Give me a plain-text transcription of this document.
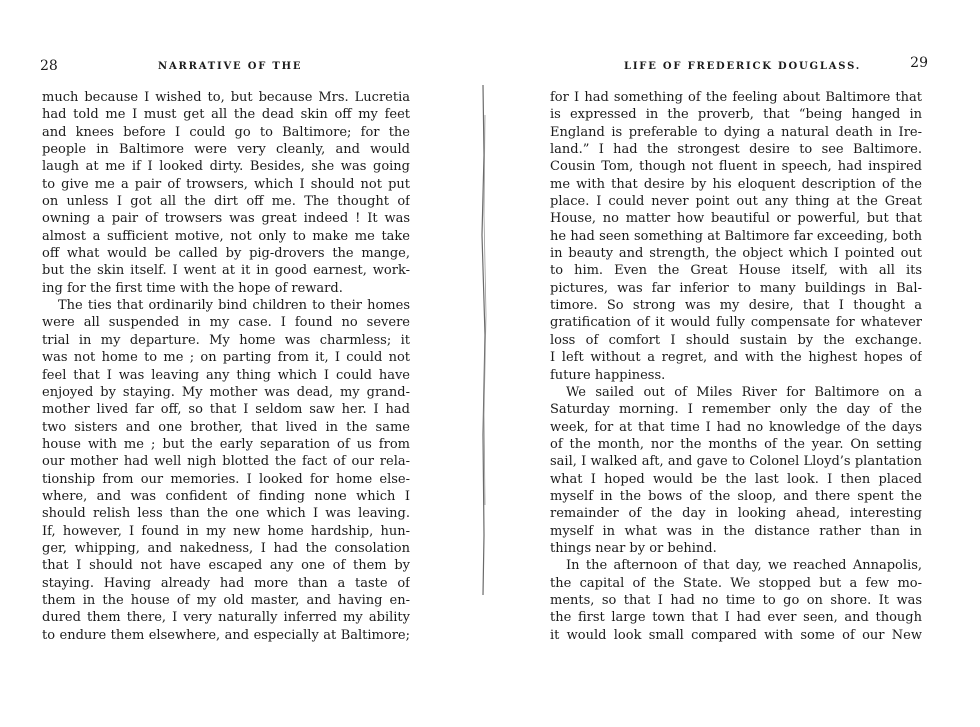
28	NARRATIVE OF THE
much because I wished to, but because Mrs. Lucretia
had told me I must get all the dead skin off my feet
and knees before I could go to Baltimore; for the
people in Baltimore were very cleanly, and would
laugh at me if I looked dirty. Besides, she was going
to give me a pair of trowsers, which I should not put
on unless I got all the dirt off me. The thought of
owning a pair of trowsers was great indeed ! It was
almost a sufficient motive, not only to make me take
off what would be called by pig-drovers the mange,
but the skin itself. I went at it in good earnest, work-
ing for the first time with the hope of reward.
The ties that ordinarily bind children to their homes
were all suspended in my case. I found no severe
trial in my departure. My home was charmless; it
was not home to me ; on parting from it, I could not
feel that I was leaving any thing which I could have
enjoyed by staying. My mother was dead, my grand-
mother lived far off, so that I seldom saw her. I had
two sisters and one brother, that lived in the same
house with me ; but the early separation of us from
our mother had well nigh blotted the fact of our rela-
tionship from our memories. I looked for home else-
where, and was confident of finding none which I
should relish less than the one which I was leaving.
If, however, I found in my new home hardship, hun-
ger, whipping, and nakedness, I had the consolation
that I should not have escaped any one of them by
staying. Having already had more than a taste of
them in the house of my old master, and having en-
dured them there, I very naturally inferred my ability
to endure them elsewhere, and especially at Baltimore;
LIFE OF FREDERICK DOUGLASS.	29
for I had something of the feeling about Baltimore that
is expressed in the proverb, that “being hanged in
England is preferable to dying a natural death in Ire-
land.” I had the strongest desire to see Baltimore.
Cousin Tom, though not fluent in speech, had inspired
me with that desire by his eloquent description of the
place. I could never point out any thing at the Great
House, no matter how beautiful or powerful, but that
he had seen something at Baltimore far exceeding, both
in beauty and strength, the object which I pointed out
to him. Even the Great House itself, with all its
pictures, was far inferior to many buildings in Bal-
timore. So strong was my desire, that I thought a
gratification of it would fully compensate for whatever
loss of comfort I should sustain by the exchange.
I left without a regret, and with the highest hopes of
future happiness.
We sailed out of Miles River for Baltimore on a
Saturday morning. I remember only the day of the
week, for at that time I had no knowledge of the days
of the month, nor the months of the year. On setting
sail, I walked aft, and gave to Colonel Lloyd’s plantation
what I hoped would be the last look. I then placed
myself in the bows of the sloop, and there spent the
remainder of the day in looking ahead, interesting
myself in what was in the distance rather than in
things near by or behind.
In the afternoon of that day, we reached Annapolis,
the capital of the State. We stopped but a few mo-
ments, so that I had no time to go on shore. It was
the first large town that I had ever seen, and though
it would look small compared with some of our New
